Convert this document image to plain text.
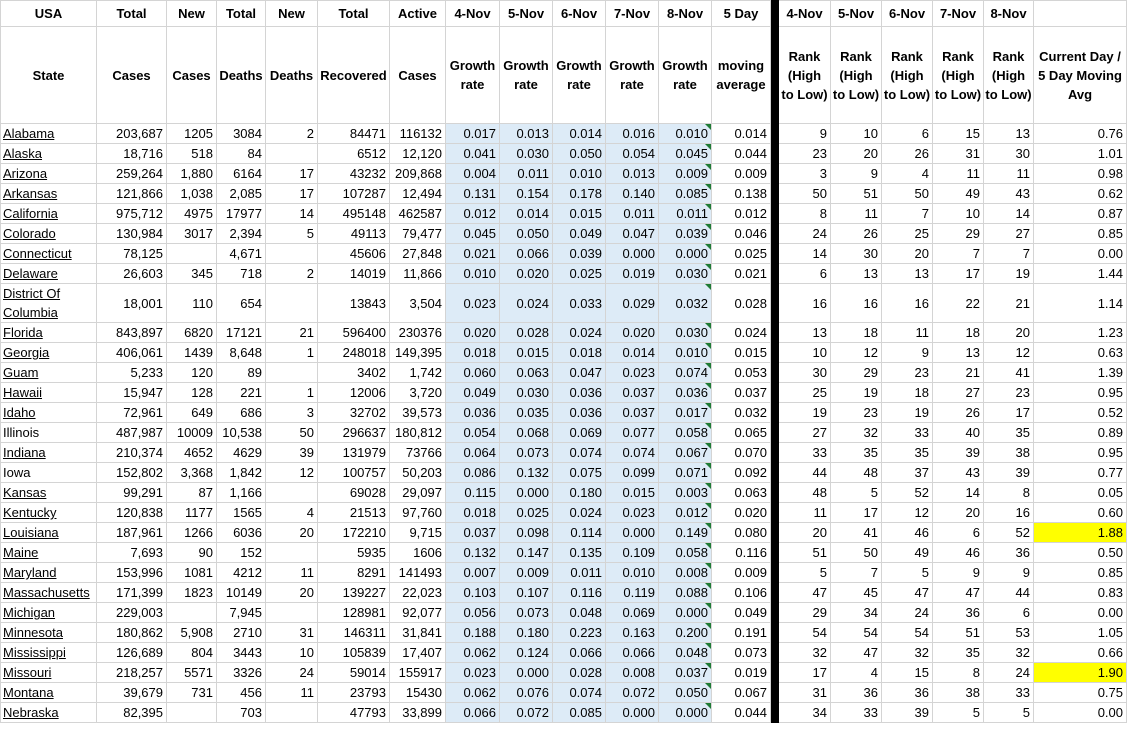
USA	Total	New	Total	New	Total	Active	4-Nov	5-Nov	6-Nov	7-Nov	8-Nov	5 Day		4-Nov	5-Nov	6-Nov	7-Nov	8-Nov	
State	Cases	Cases	Deaths	Deaths	Recovered	Cases	Growth rate	Growth rate	Growth rate	Growth rate	Growth rate	moving average		Rank (High to Low)	Rank (High to Low)	Rank (High to Low)	Rank (High to Low)	Rank (High to Low)	Current Day / 5 Day Moving Avg
Alabama	203,687	1205	3084	2	84471	116132	0.017	0.013	0.014	0.016	0.010	0.014		9	10	6	15	13	0.76
Alaska	18,716	518	84		6512	12,120	0.041	0.030	0.050	0.054	0.045	0.044		23	20	26	31	30	1.01
Arizona	259,264	1,880	6164	17	43232	209,868	0.004	0.011	0.010	0.013	0.009	0.009		3	9	4	11	11	0.98
Arkansas	121,866	1,038	2,085	17	107287	12,494	0.131	0.154	0.178	0.140	0.085	0.138		50	51	50	49	43	0.62
California	975,712	4975	17977	14	495148	462587	0.012	0.014	0.015	0.011	0.011	0.012		8	11	7	10	14	0.87
Colorado	130,984	3017	2,394	5	49113	79,477	0.045	0.050	0.049	0.047	0.039	0.046		24	26	25	29	27	0.85
Connecticut	78,125		4,671		45606	27,848	0.021	0.066	0.039	0.000	0.000	0.025		14	30	20	7	7	0.00
Delaware	26,603	345	718	2	14019	11,866	0.010	0.020	0.025	0.019	0.030	0.021		6	13	13	17	19	1.44
District Of Columbia	18,001	110	654		13843	3,504	0.023	0.024	0.033	0.029	0.032	0.028		16	16	16	22	21	1.14
Florida	843,897	6820	17121	21	596400	230376	0.020	0.028	0.024	0.020	0.030	0.024		13	18	11	18	20	1.23
Georgia	406,061	1439	8,648	1	248018	149,395	0.018	0.015	0.018	0.014	0.010	0.015		10	12	9	13	12	0.63
Guam	5,233	120	89		3402	1,742	0.060	0.063	0.047	0.023	0.074	0.053		30	29	23	21	41	1.39
Hawaii	15,947	128	221	1	12006	3,720	0.049	0.030	0.036	0.037	0.036	0.037		25	19	18	27	23	0.95
Idaho	72,961	649	686	3	32702	39,573	0.036	0.035	0.036	0.037	0.017	0.032		19	23	19	26	17	0.52
Illinois	487,987	10009	10,538	50	296637	180,812	0.054	0.068	0.069	0.077	0.058	0.065		27	32	33	40	35	0.89
Indiana	210,374	4652	4629	39	131979	73766	0.064	0.073	0.074	0.074	0.067	0.070		33	35	35	39	38	0.95
Iowa	152,802	3,368	1,842	12	100757	50,203	0.086	0.132	0.075	0.099	0.071	0.092		44	48	37	43	39	0.77
Kansas	99,291	87	1,166		69028	29,097	0.115	0.000	0.180	0.015	0.003	0.063		48	5	52	14	8	0.05
Kentucky	120,838	1177	1565	4	21513	97,760	0.018	0.025	0.024	0.023	0.012	0.020		11	17	12	20	16	0.60
Louisiana	187,961	1266	6036	20	172210	9,715	0.037	0.098	0.114	0.000	0.149	0.080		20	41	46	6	52	1.88
Maine	7,693	90	152		5935	1606	0.132	0.147	0.135	0.109	0.058	0.116		51	50	49	46	36	0.50
Maryland	153,996	1081	4212	11	8291	141493	0.007	0.009	0.011	0.010	0.008	0.009		5	7	5	9	9	0.85
Massachusetts	171,399	1823	10149	20	139227	22,023	0.103	0.107	0.116	0.119	0.088	0.106		47	45	47	47	44	0.83
Michigan	229,003		7,945		128981	92,077	0.056	0.073	0.048	0.069	0.000	0.049		29	34	24	36	6	0.00
Minnesota	180,862	5,908	2710	31	146311	31,841	0.188	0.180	0.223	0.163	0.200	0.191		54	54	54	51	53	1.05
Mississippi	126,689	804	3443	10	105839	17,407	0.062	0.124	0.066	0.066	0.048	0.073		32	47	32	35	32	0.66
Missouri	218,257	5571	3326	24	59014	155917	0.023	0.000	0.028	0.008	0.037	0.019		17	4	15	8	24	1.90
Montana	39,679	731	456	11	23793	15430	0.062	0.076	0.074	0.072	0.050	0.067		31	36	36	38	33	0.75
Nebraska	82,395		703		47793	33,899	0.066	0.072	0.085	0.000	0.000	0.044		34	33	39	5	5	0.00
